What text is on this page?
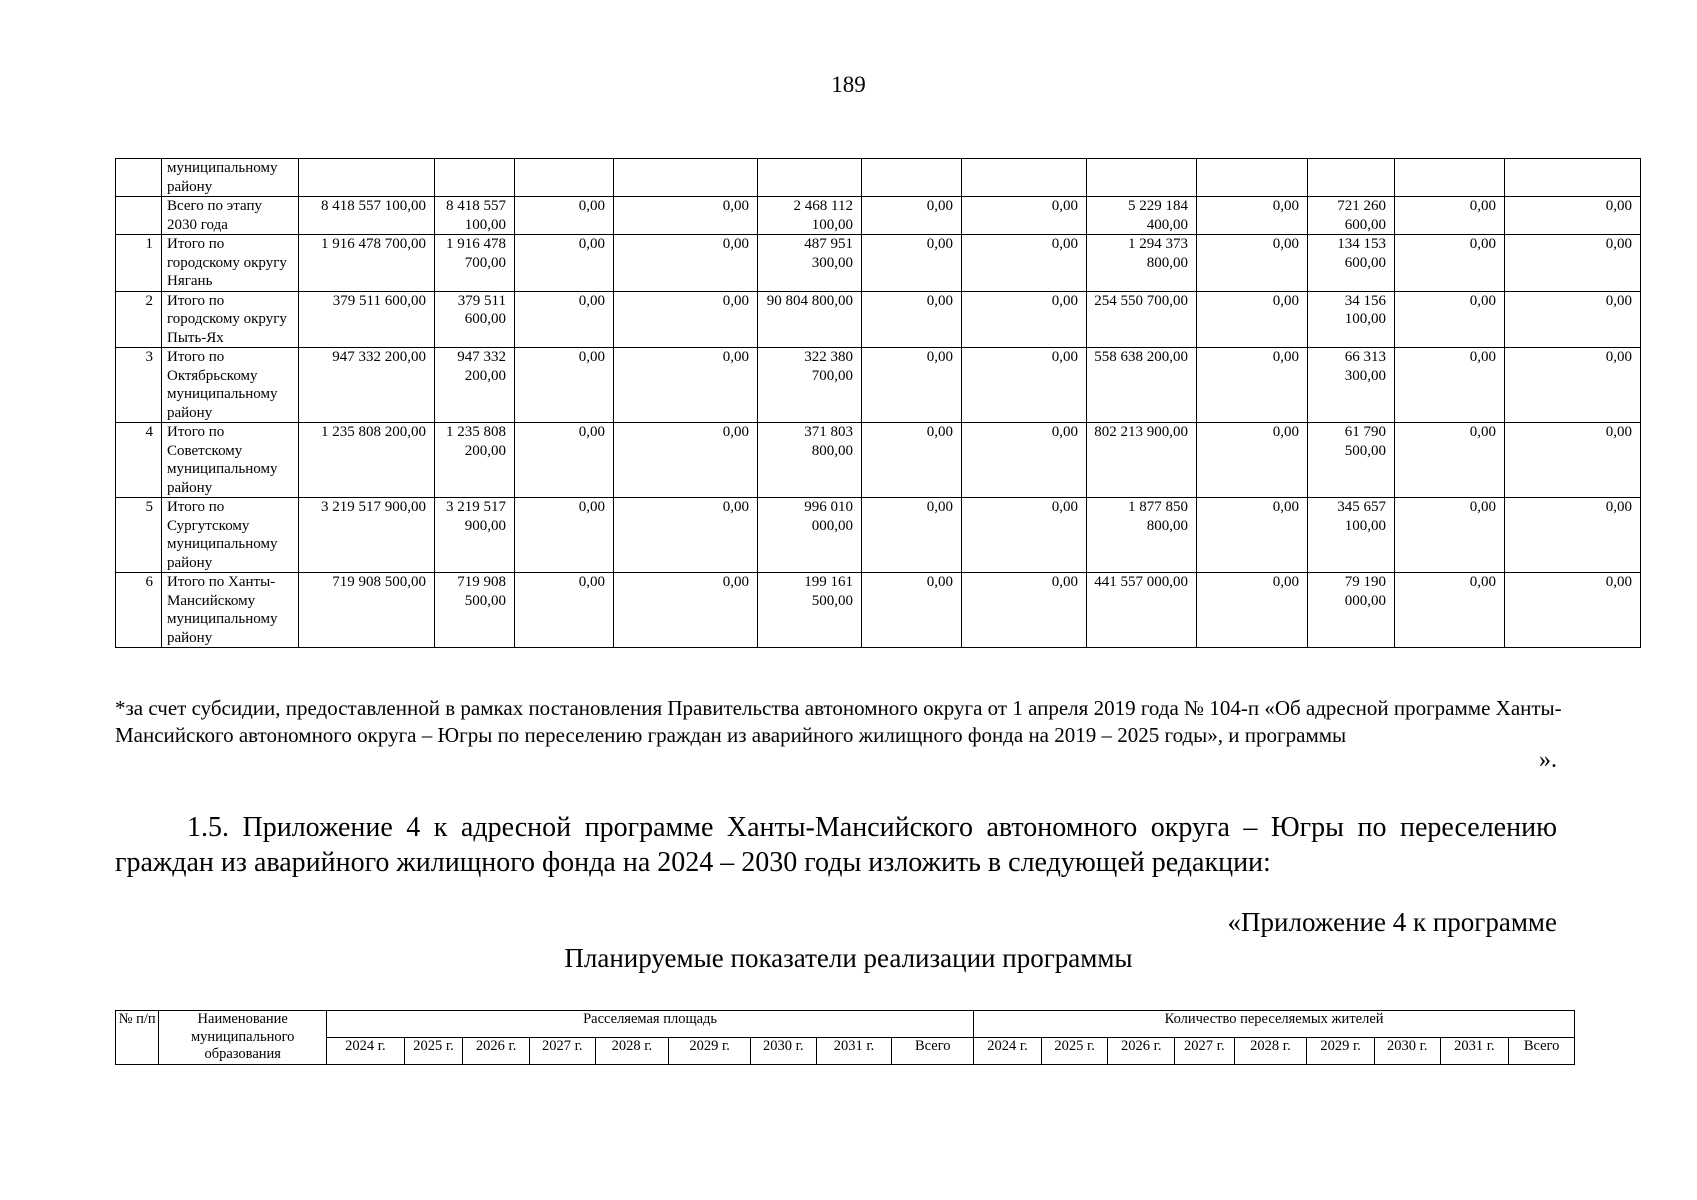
189
	муниципальному району												
	Всего по этапу 2030 года	8 418 557 100,00	8 418 557 100,00	0,00	0,00	2 468 112 100,00	0,00	0,00	5 229 184 400,00	0,00	721 260 600,00	0,00	0,00
1	Итого по городскому округу Нягань	1 916 478 700,00	1 916 478 700,00	0,00	0,00	487 951 300,00	0,00	0,00	1 294 373 800,00	0,00	134 153 600,00	0,00	0,00
2	Итого по городскому округу Пыть-Ях	379 511 600,00	379 511 600,00	0,00	0,00	90 804 800,00	0,00	0,00	254 550 700,00	0,00	34 156 100,00	0,00	0,00
3	Итого по Октябрьскому муниципальному району	947 332 200,00	947 332 200,00	0,00	0,00	322 380 700,00	0,00	0,00	558 638 200,00	0,00	66 313 300,00	0,00	0,00
4	Итого по Советскому муниципальному району	1 235 808 200,00	1 235 808 200,00	0,00	0,00	371 803 800,00	0,00	0,00	802 213 900,00	0,00	61 790 500,00	0,00	0,00
5	Итого по Сургутскому муниципальному району	3 219 517 900,00	3 219 517 900,00	0,00	0,00	996 010 000,00	0,00	0,00	1 877 850 800,00	0,00	345 657 100,00	0,00	0,00
6	Итого по Ханты-Мансийскому муниципальному району	719 908 500,00	719 908 500,00	0,00	0,00	199 161 500,00	0,00	0,00	441 557 000,00	0,00	79 190 000,00	0,00	0,00

*за счет субсидии, предоставленной в рамках постановления Правительства автономного округа от 1 апреля 2019 года № 104-п «Об адресной программе Ханты-Мансийского автономного округа – Югры по переселению граждан из аварийного жилищного фонда на 2019 – 2025 годы», и программы

».

1.5. Приложение 4 к адресной программе Ханты-Мансийского автономного округа – Югры по переселению граждан из аварийного жилищного фонда на 2024 – 2030 годы изложить в следующей редакции:

«Приложение 4 к программе
Планируемые показатели реализации программы
№ п/п	Наименование муниципального образования	Расселяемая площадь									Количество переселяемых жителей								
		2024 г.	2025 г.	2026 г.	2027 г.	2028 г.	2029 г.	2030 г.	2031 г.	Всего	2024 г.	2025 г.	2026 г.	2027 г.	2028 г.	2029 г.	2030 г.	2031 г.	Всего
